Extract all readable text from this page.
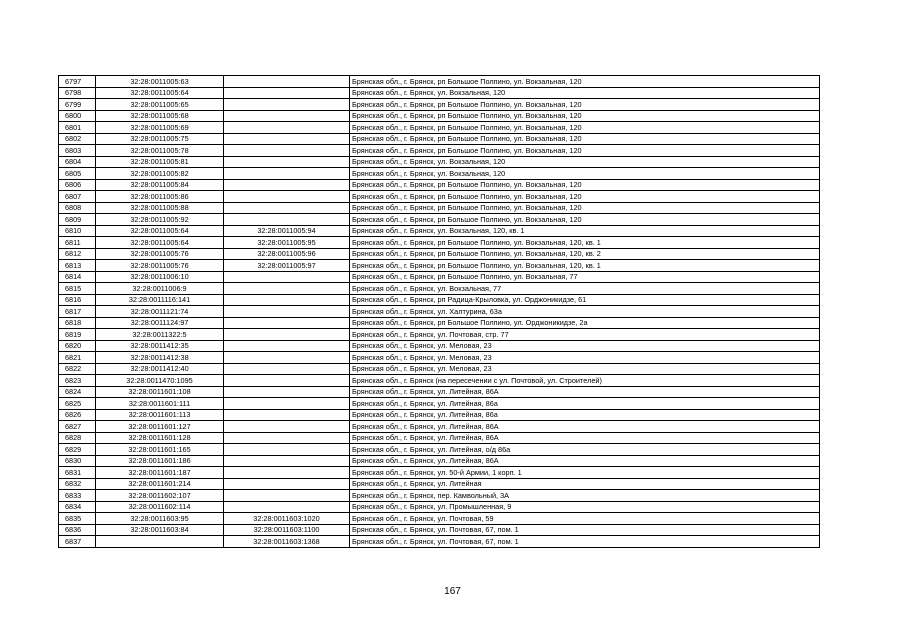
6797	32:28:0011005:63		Брянская обл., г. Брянск, рп Большое Полпино, ул. Вокзальная, 120
6798	32:28:0011005:64		Брянская обл., г. Брянск, ул. Вокзальная, 120
6799	32:28:0011005:65		Брянская обл., г. Брянск, рп Большое Полпино, ул. Вокзальная, 120
6800	32:28:0011005:68		Брянская обл., г. Брянск, рп Большое Полпино, ул. Вокзальная, 120
6801	32:28:0011005:69		Брянская обл., г. Брянск, рп Большое Полпино, ул. Вокзальная, 120
6802	32:28:0011005:75		Брянская обл., г. Брянск, рп Большое Полпино, ул. Вокзальная, 120
6803	32:28:0011005:78		Брянская обл., г. Брянск, рп Большое Полпино, ул. Вокзальная, 120
6804	32:28:0011005:81		Брянская обл., г. Брянск, ул. Вокзальная, 120
6805	32:28:0011005:82		Брянская обл., г. Брянск, ул. Вокзальная, 120
6806	32:28:0011005:84		Брянская обл., г. Брянск, рп Большое Полпино, ул. Вокзальная, 120
6807	32:28:0011005:86		Брянская обл., г. Брянск, рп Большое Полпино, ул. Вокзальная, 120
6808	32:28:0011005:88		Брянская обл., г. Брянск, рп Большое Полпино, ул. Вокзальная, 120
6809	32:28:0011005:92		Брянская обл., г. Брянск, рп Большое Полпино, ул. Вокзальная, 120
6810	32:28:0011005:64	32:28:0011005:94	Брянская обл., г. Брянск, ул. Вокзальная, 120, кв. 1
6811	32:28:0011005:64	32:28:0011005:95	Брянская обл., г. Брянск, рп Большое Полпино, ул. Вокзальная, 120, кв. 1
6812	32:28:0011005:76	32:28:0011005:96	Брянская обл., г. Брянск, рп Большое Полпино, ул. Вокзальная, 120, кв. 2
6813	32:28:0011005:76	32:28:0011005:97	Брянская обл., г. Брянск, рп Большое Полпино, ул. Вокзальная, 120, кв. 1
6814	32:28:0011006:10		Брянская обл., г. Брянск, рп Большое Полпино, ул. Вокзальная, 77
6815	32:28:0011006:9		Брянская обл., г. Брянск, ул. Вокзальная, 77
6816	32:28:0011116:141		Брянская обл., г. Брянск, рп Радица-Крыловка, ул. Орджоникидзе, 61
6817	32:28:0011121:74		Брянская обл., г. Брянск, ул. Халтурина, 63а
6818	32:28:0011124:97		Брянская обл., г. Брянск, рп Большое Полпино, ул. Орджоникидзе, 2а
6819	32:28:0011322:5		Брянская обл., г. Брянск, ул. Почтовая, стр. 77
6820	32:28:0011412:35		Брянская обл., г. Брянск, ул. Меловая, 23
6821	32:28:0011412:38		Брянская обл., г. Брянск, ул. Меловая, 23
6822	32:28:0011412:40		Брянская обл., г. Брянск, ул. Меловая, 23
6823	32:28:0011470:1095		Брянская обл., г. Брянск (на пересечении с ул. Почтовой, ул. Строителей)
6824	32:28:0011601:108		Брянская обл., г. Брянск, ул. Литейная, 86А
6825	32:28:0011601:111		Брянская обл., г. Брянск, ул. Литейная, 86а
6826	32:28:0011601:113		Брянская обл., г. Брянск, ул. Литейная, 86а
6827	32:28:0011601:127		Брянская обл., г. Брянск, ул. Литейная, 86А
6828	32:28:0011601:128		Брянская обл., г. Брянск, ул. Литейная, 86А
6829	32:28:0011601:165		Брянская обл., г. Брянск, ул. Литейная, о/д 86а
6830	32:28:0011601:186		Брянская обл., г. Брянск, ул. Литейная, 86А
6831	32:28:0011601:187		Брянская обл., г. Брянск, ул. 50-й Армии, 1 корп. 1
6832	32:28:0011601:214		Брянская обл., г. Брянск, ул. Литейная
6833	32:28:0011602:107		Брянская обл., г. Брянск, пер. Камвольный, 3А
6834	32:28:0011602:114		Брянская обл., г. Брянск, ул. Промышленная, 9
6835	32:28:0011603:95	32:28:0011603:1020	Брянская обл., г. Брянск, ул. Почтовая, 59
6836	32:28:0011603:84	32:28:0011603:1100	Брянская обл., г. Брянск, ул. Почтовая, 67, пом. 1
6837		32:28:0011603:1368	Брянская обл., г. Брянск, ул. Почтовая, 67, пом. 1
167
